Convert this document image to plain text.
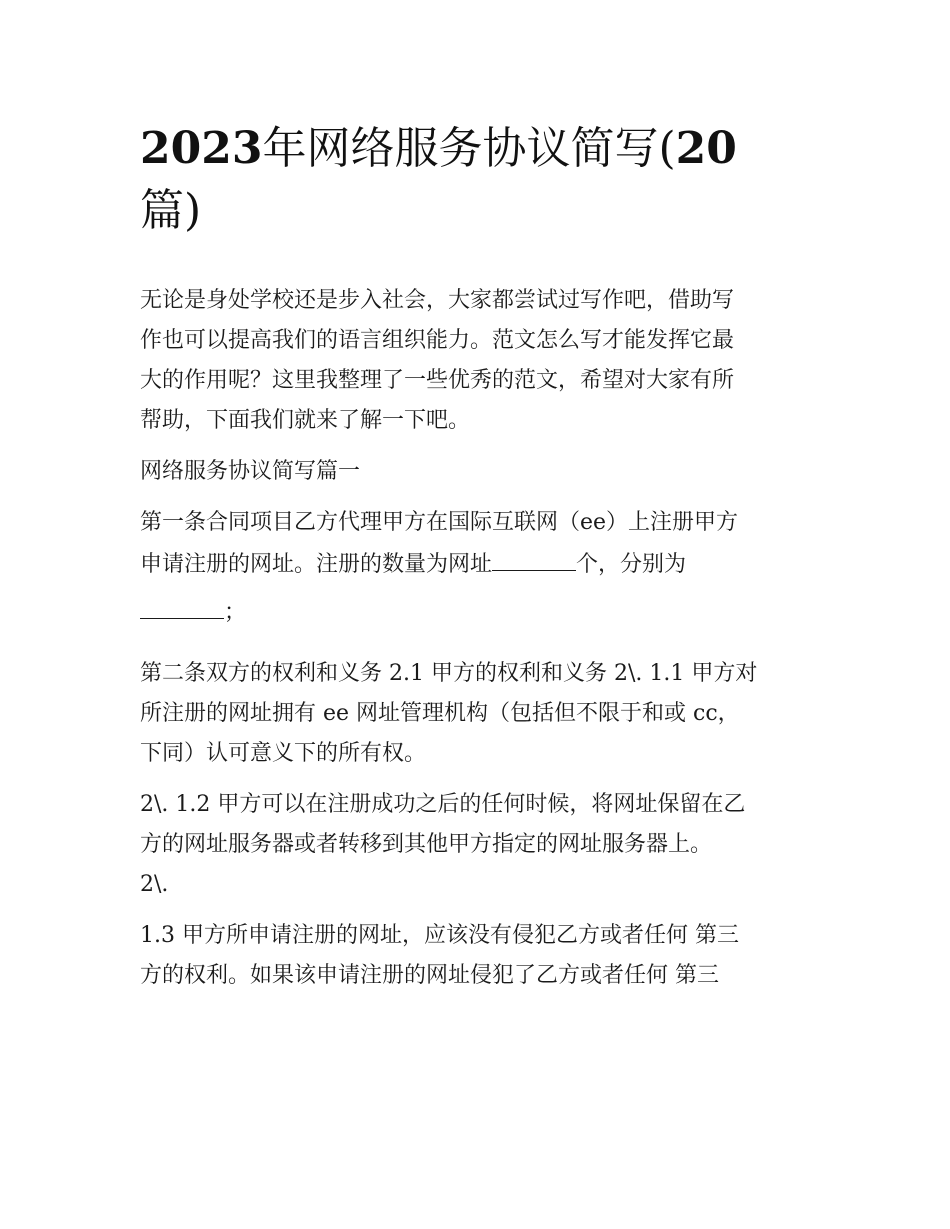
2023年网络服务协议简写(20
篇)
无论是身处学校还是步入社会，大家都尝试过写作吧，借助写
作也可以提高我们的语言组织能力。范文怎么写才能发挥它最
大的作用呢？这里我整理了一些优秀的范文，希望对大家有所
帮助，下面我们就来了解一下吧。
网络服务协议简写篇一
第一条合同项目乙方代理甲方在国际互联网（ee）上注册甲方
申请注册的网址。注册的数量为网址	个，分别为
；
第二条双方的权利和义务 2.1 甲方的权利和义务 2\. 1.1 甲方对
所注册的网址拥有 ee 网址管理机构（包括但不限于和或 cc，
下同）认可意义下的所有权。
2\. 1.2 甲方可以在注册成功之后的任何时候，将网址保留在乙
方的网址服务器或者转移到其他甲方指定的网址服务器上。
2\.
1.3 甲方所申请注册的网址，应该没有侵犯乙方或者任何 第三
方的权利。如果该申请注册的网址侵犯了乙方或者任何 第三
